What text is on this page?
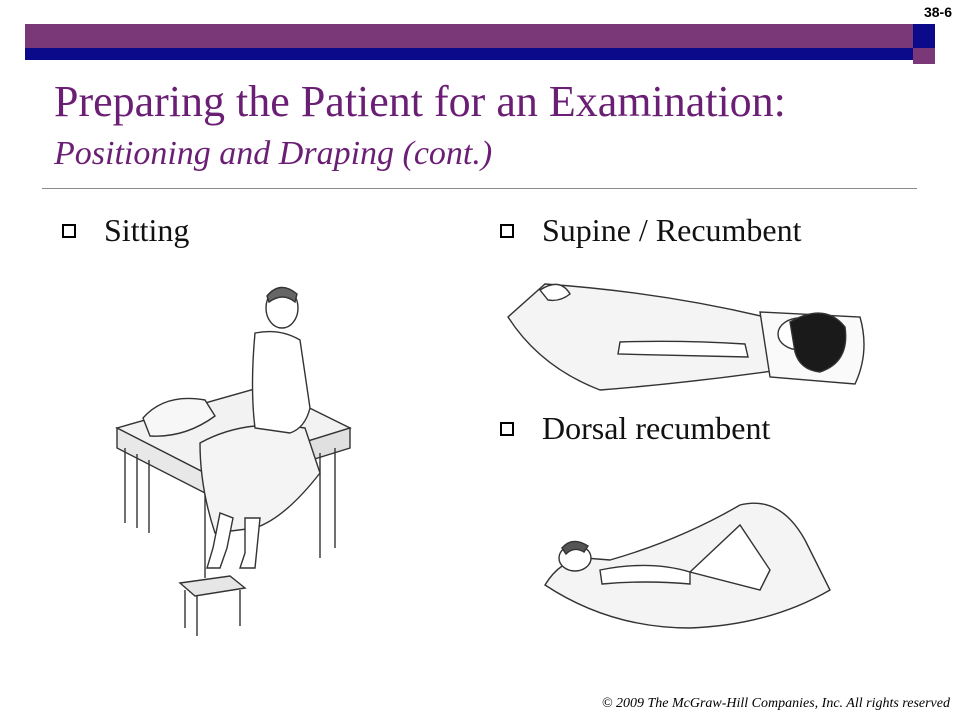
38-6
Preparing the Patient for an Examination: Positioning and Draping (cont.)
Sitting	Supine / Recumbent
Dorsal recumbent
© 2009 The McGraw-Hill Companies, Inc. All rights reserved
